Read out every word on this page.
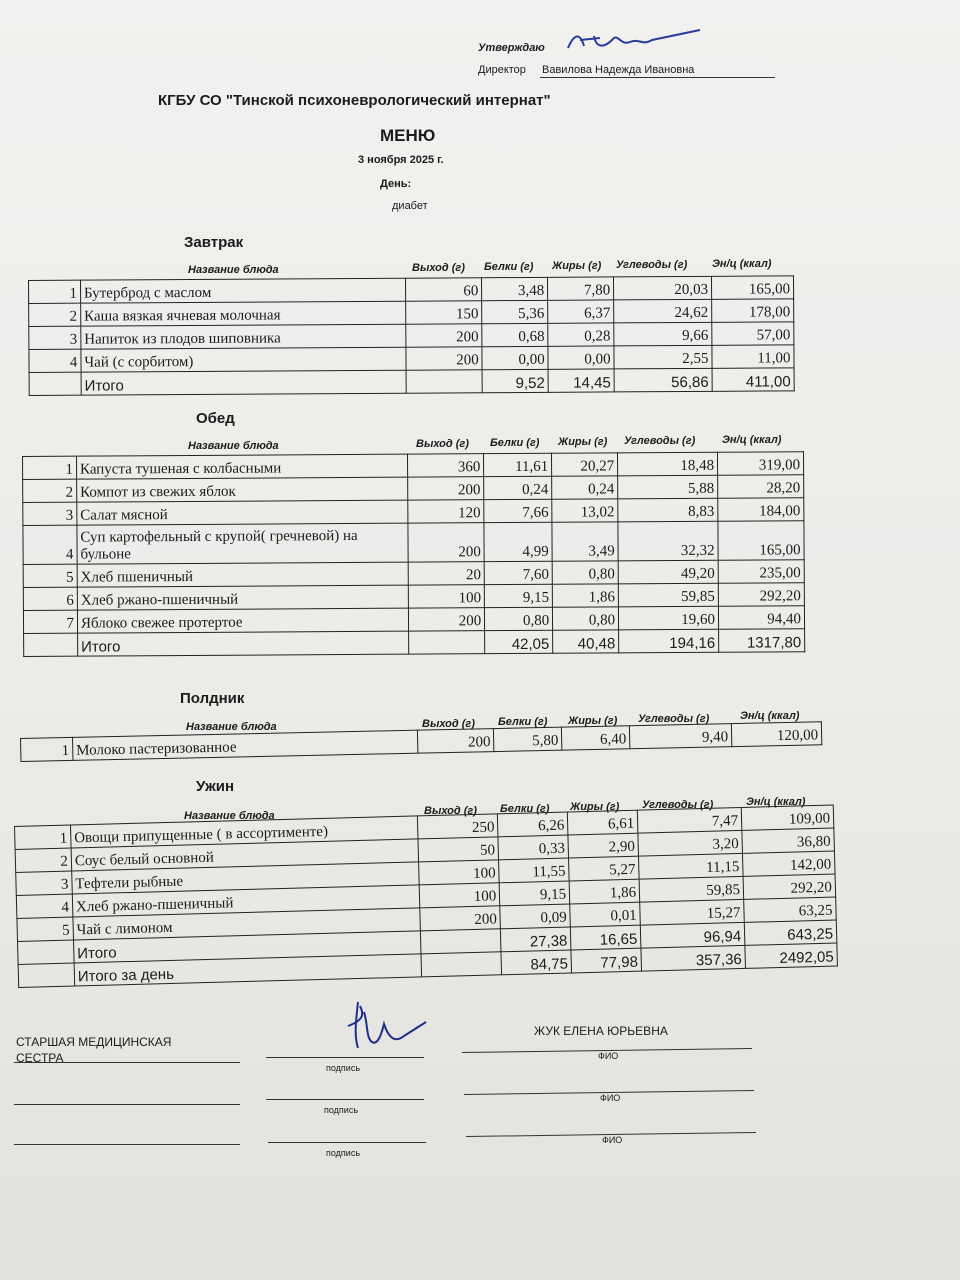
Утверждаю
Директор Вавилова Надежда Ивановна
КГБУ СО "Тинской психоневрологический интернат"
МЕНЮ
3 ноября 2025 г.
День:
диабет
Завтрак
Название блюда	Выход (г) Белки (г) Жиры (г) Углеводы (г) Эн/ц (ккал)
1	Бутерброд с маслом	60	3,48	7,80	20,03	165,00
2	Каша вязкая ячневая молочная	150	5,36	6,37	24,62	178,00
3	Напиток из плодов шиповника	200	0,68	0,28	9,66	57,00
4	Чай (с сорбитом)	200	0,00	0,00	2,55	11,00
	Итого		9,52	14,45	56,86	411,00
Обед
Название блюда	Выход (г) Белки (г) Жиры (г) Углеводы (г) Эн/ц (ккал)
1	Капуста тушеная с колбасными	360	11,61	20,27	18,48	319,00
2	Компот из свежих яблок	200	0,24	0,24	5,88	28,20
3	Салат мясной	120	7,66	13,02	8,83	184,00
4	Суп картофельный с крупой( гречневой) на бульоне	200	4,99	3,49	32,32	165,00
5	Хлеб пшеничный	20	7,60	0,80	49,20	235,00
6	Хлеб ржано-пшеничный	100	9,15	1,86	59,85	292,20
7	Яблоко свежее протертое	200	0,80	0,80	19,60	94,40
	Итого		42,05	40,48	194,16	1317,80
Полдник
Название блюда	Выход (г) Белки (г) Жиры (г) Углеводы (г)	Эн/ц (ккал)
1	Молоко пастеризованное	200	5,80	6,40	9,40	120,00
Ужин
Название блюда	Выход (г) Белки (г) Жиры (г) Углеводы (г)	Эн/ц (ккал)
1	Овощи припущенные ( в ассортименте)	250	6,26	6,61	7,47	109,00
2	Соус белый основной	50	0,33	2,90	3,20	36,80
3	Тефтели рыбные	100	11,55	5,27	11,15	142,00
4	Хлеб ржано-пшеничный	100	9,15	1,86	59,85	292,20
5	Чай с лимоном	200	0,09	0,01	15,27	63,25
	Итого		27,38	16,65	96,94	643,25
	Итого за день		84,75	77,98	357,36	2492,05
СТАРШАЯ МЕДИЦИНСКАЯ СЕСТРА
подпись
ЖУК ЕЛЕНА ЮРЬЕВНА
ФИО
подпись
ФИО
подпись
ФИО
